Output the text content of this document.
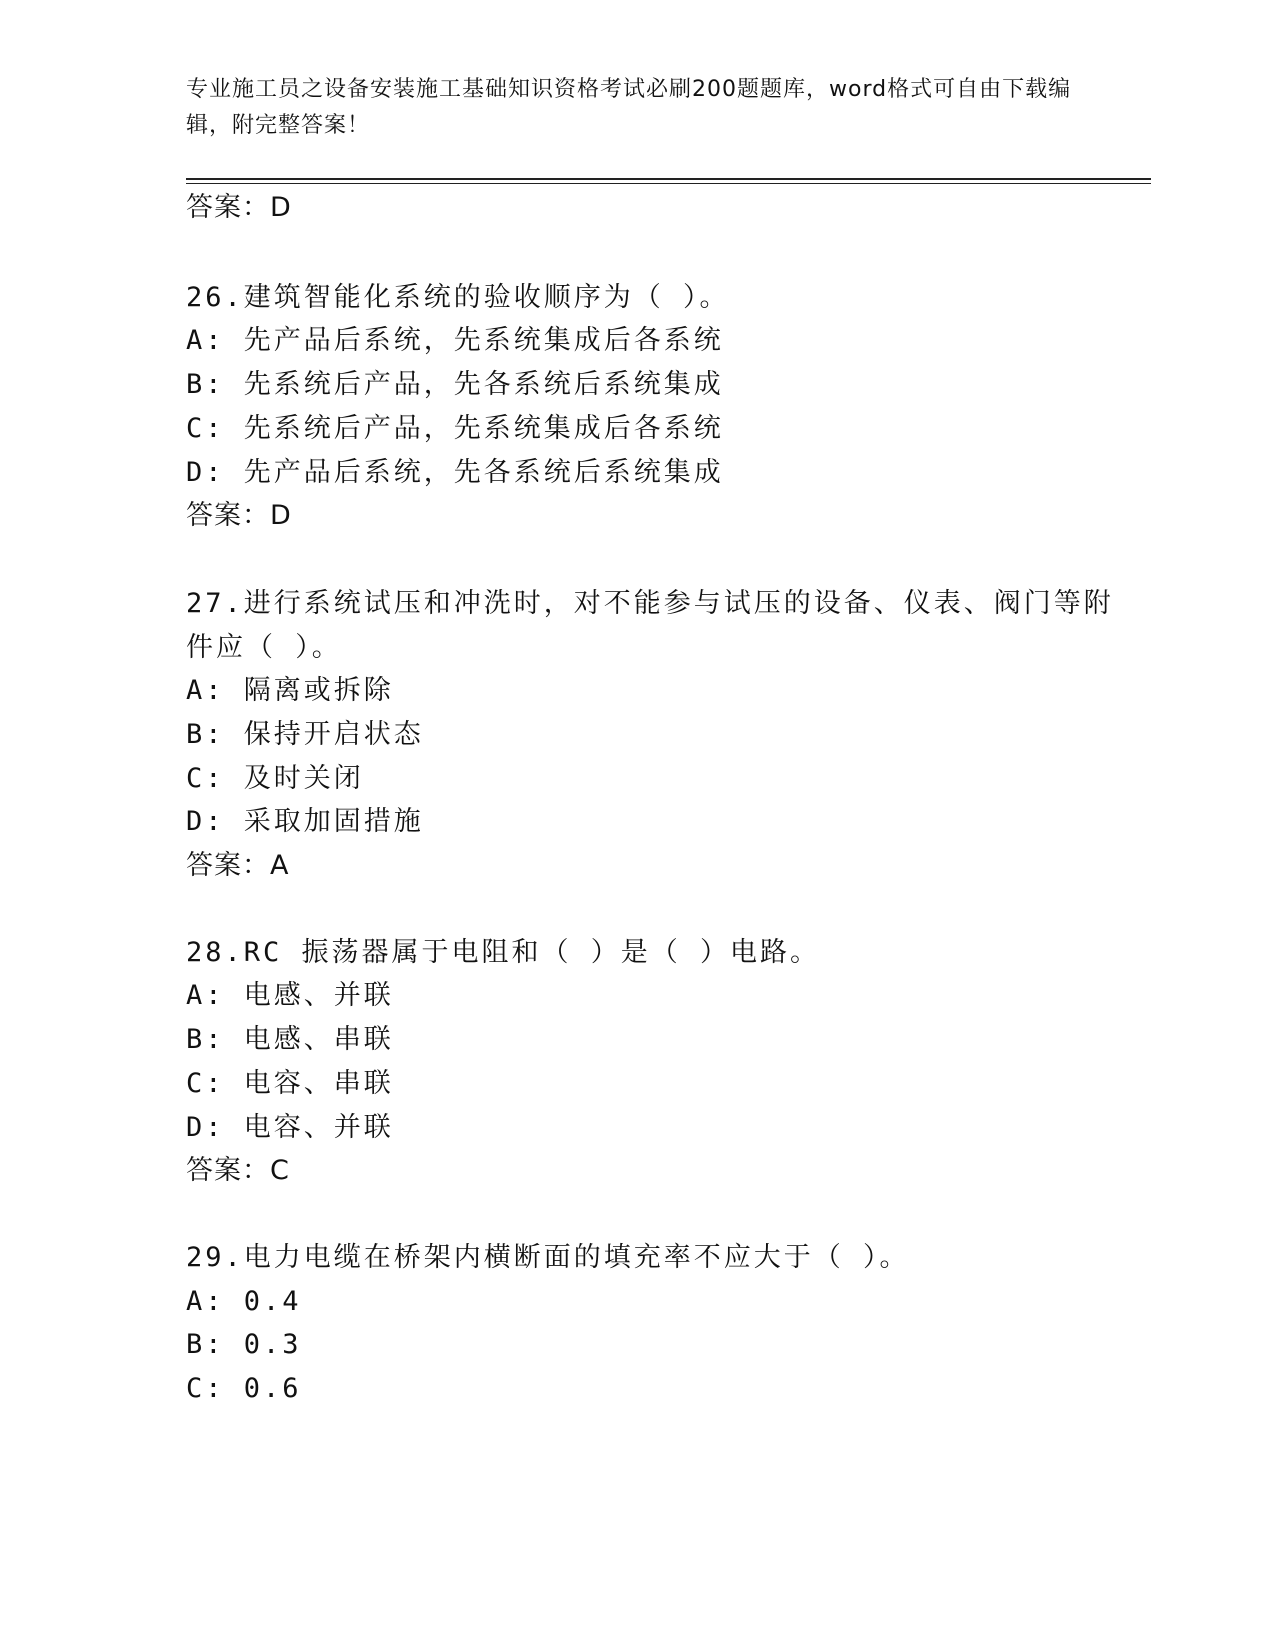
专业施工员之设备安装施工基础知识资格考试必刷200题题库，word格式可自由下载编辑，附完整答案！
答案：D
26.建筑智能化系统的验收顺序为（ ）。
A: 先产品后系统，先系统集成后各系统
B: 先系统后产品，先各系统后系统集成
C: 先系统后产品，先系统集成后各系统
D: 先产品后系统，先各系统后系统集成
答案：D
27.进行系统试压和冲洗时，对不能参与试压的设备、仪表、阀门等附
件应（ ）。
A: 隔离或拆除
B: 保持开启状态
C: 及时关闭
D: 采取加固措施
答案：A
28.RC 振荡器属于电阻和（ ）是（ ）电路。
A: 电感、并联
B: 电感、串联
C: 电容、串联
D: 电容、并联
答案：C
29.电力电缆在桥架内横断面的填充率不应大于（ ）。
A: 0.4
B: 0.3
C: 0.6
